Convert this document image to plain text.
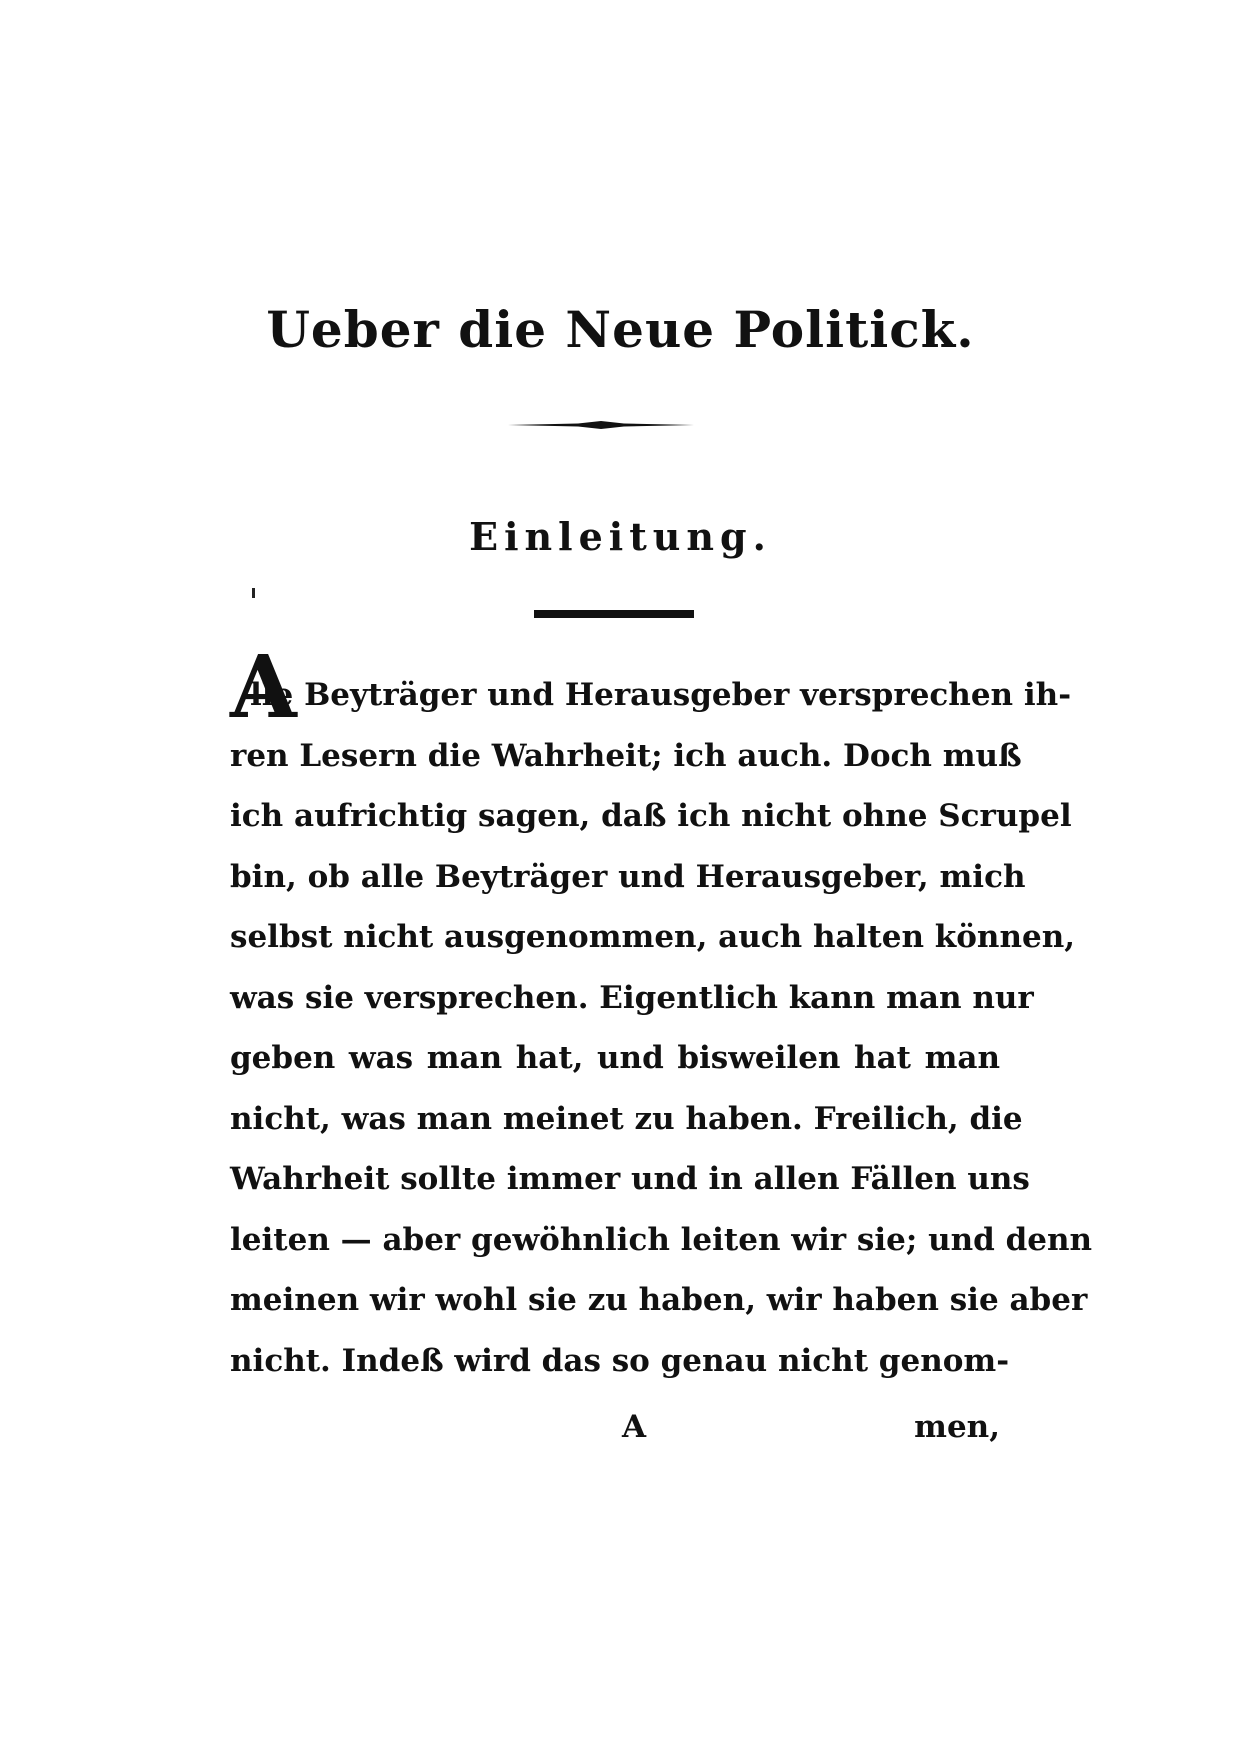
Ueber die Neue Politick.
Einleitung.
A
lle Beyträger und Herausgeber versprechen ih-
ren Lesern die Wahrheit; ich auch. Doch muß
ich aufrichtig sagen, daß ich nicht ohne Scrupel
bin, ob alle Beyträger und Herausgeber, mich
selbst nicht ausgenommen, auch halten können,
was sie versprechen. Eigentlich kann man nur
geben was man hat, und bisweilen hat man
nicht, was man meinet zu haben. Freilich, die
Wahrheit sollte immer und in allen Fällen uns
leiten — aber gewöhnlich leiten wir sie; und denn
meinen wir wohl sie zu haben, wir haben sie aber
nicht. Indeß wird das so genau nicht genom-
A	men,
